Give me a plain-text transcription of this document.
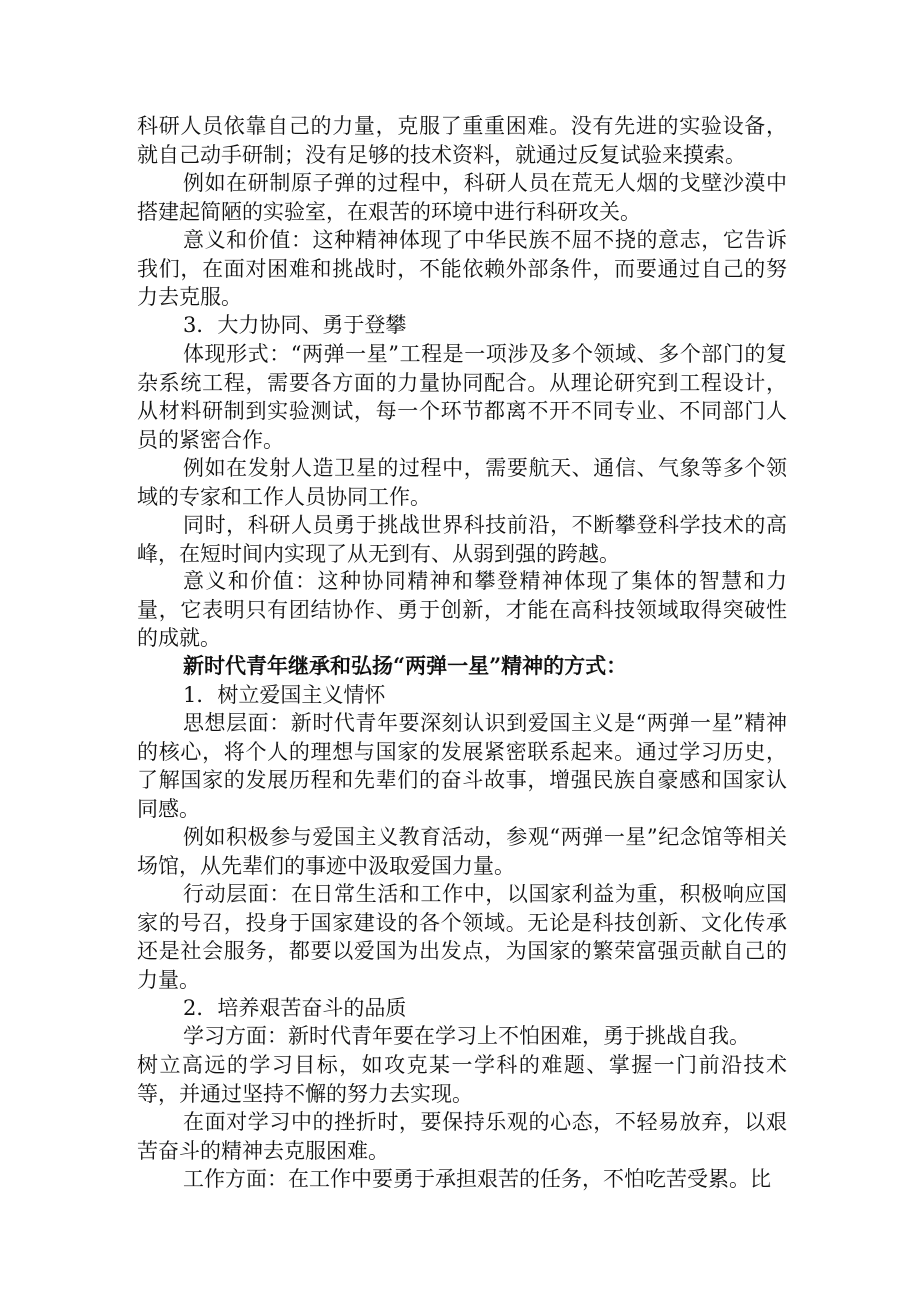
科研人员依靠自己的力量，克服了重重困难。没有先进的实验设备，就自己动手研制；没有足够的技术资料，就通过反复试验来摸索。

例如在研制原子弹的过程中，科研人员在荒无人烟的戈壁沙漠中搭建起简陋的实验室，在艰苦的环境中进行科研攻关。

意义和价值：这种精神体现了中华民族不屈不挠的意志，它告诉我们，在面对困难和挑战时，不能依赖外部条件，而要通过自己的努力去克服。

3．大力协同、勇于登攀

体现形式：“两弹一星”工程是一项涉及多个领域、多个部门的复杂系统工程，需要各方面的力量协同配合。从理论研究到工程设计，从材料研制到实验测试，每一个环节都离不开不同专业、不同部门人员的紧密合作。

例如在发射人造卫星的过程中，需要航天、通信、气象等多个领域的专家和工作人员协同工作。

同时，科研人员勇于挑战世界科技前沿，不断攀登科学技术的高峰，在短时间内实现了从无到有、从弱到强的跨越。

意义和价值：这种协同精神和攀登精神体现了集体的智慧和力量，它表明只有团结协作、勇于创新，才能在高科技领域取得突破性的成就。

新时代青年继承和弘扬“两弹一星”精神的方式：

1．树立爱国主义情怀

思想层面：新时代青年要深刻认识到爱国主义是“两弹一星”精神的核心，将个人的理想与国家的发展紧密联系起来。通过学习历史，了解国家的发展历程和先辈们的奋斗故事，增强民族自豪感和国家认同感。

例如积极参与爱国主义教育活动，参观“两弹一星”纪念馆等相关场馆，从先辈们的事迹中汲取爱国力量。

行动层面：在日常生活和工作中，以国家利益为重，积极响应国家的号召，投身于国家建设的各个领域。无论是科技创新、文化传承还是社会服务，都要以爱国为出发点，为国家的繁荣富强贡献自己的力量。

2．培养艰苦奋斗的品质

学习方面：新时代青年要在学习上不怕困难，勇于挑战自我。

树立高远的学习目标，如攻克某一学科的难题、掌握一门前沿技术等，并通过坚持不懈的努力去实现。

在面对学习中的挫折时，要保持乐观的心态，不轻易放弃，以艰苦奋斗的精神去克服困难。

工作方面：在工作中要勇于承担艰苦的任务，不怕吃苦受累。比
